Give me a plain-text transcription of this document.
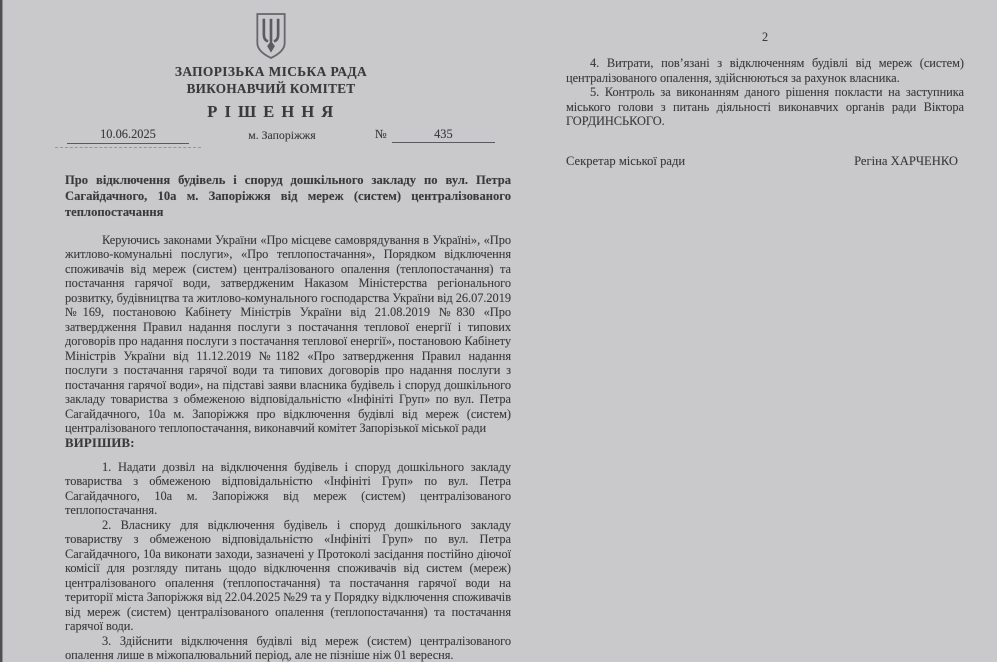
ЗАПОРІЗЬКА МІСЬКА РАДА
ВИКОНАВЧИЙ КОМІТЕТ
Р І Ш Е Н Н Я
10.06.2025	м. Запоріжжя	№	435
Про відключення будівель і споруд дошкільного закладу по вул. Петра Сагайдачного, 10а м. Запоріжжя від мереж (систем) централізованого теплопостачання
Керуючись законами України «Про місцеве самоврядування в Україні», «Про житлово-комунальні послуги», «Про теплопостачання», Порядком відключення споживачів від мереж (систем) централізованого опалення (теплопостачання) та постачання гарячої води, затвердженим Наказом Міністерства регіонального розвитку, будівництва та житлово-комунального господарства України від 26.07.2019 №169, постановою Кабінету Міністрів України від 21.08.2019 №830 «Про затвердження Правил надання послуги з постачання теплової енергії і типових договорів про надання послуги з постачання теплової енергії», постановою Кабінету Міністрів України від 11.12.2019 №1182 «Про затвердження Правил надання послуги з постачання гарячої води та типових договорів про надання послуги з постачання гарячої води», на підставі заяви власника будівель і споруд дошкільного закладу товариства з обмеженою відповідальністю «Інфініті Груп» по вул. Петра Сагайдачного, 10а м. Запоріжжя про відключення будівлі від мереж (систем) централізованого теплопостачання, виконавчий комітет Запорізької міської ради
ВИРІШИВ:
1. Надати дозвіл на відключення будівель і споруд дошкільного закладу товариства з обмеженою відповідальністю «Інфініті Груп» по вул. Петра Сагайдачного, 10а м. Запоріжжя від мереж (систем) централізованого теплопостачання.
2. Власнику для відключення будівель і споруд дошкільного закладу товариству з обмеженою відповідальністю «Інфініті Груп» по вул. Петра Сагайдачного, 10а виконати заходи, зазначені у Протоколі засідання постійно діючої комісії для розгляду питань щодо відключення споживачів від систем (мереж) централізованого опалення (теплопостачання) та постачання гарячої води на території міста Запоріжжя від 22.04.2025 №29 та у Порядку відключення споживачів від мереж (систем) централізованого опалення (теплопостачання) та постачання гарячої води.
3. Здійснити відключення будівлі від мереж (систем) централізованого опалення лише в міжопалювальний період, але не пізніше ніж 01 вересня.
2
4. Витрати, пов’язані з відключенням будівлі від мереж (систем) централізованого опалення, здійснюються за рахунок власника.
5. Контроль за виконанням даного рішення покласти на заступника міського голови з питань діяльності виконавчих органів ради Віктора ГОРДИНСЬКОГО.
Секретар міської ради	Регіна ХАРЧЕНКО
